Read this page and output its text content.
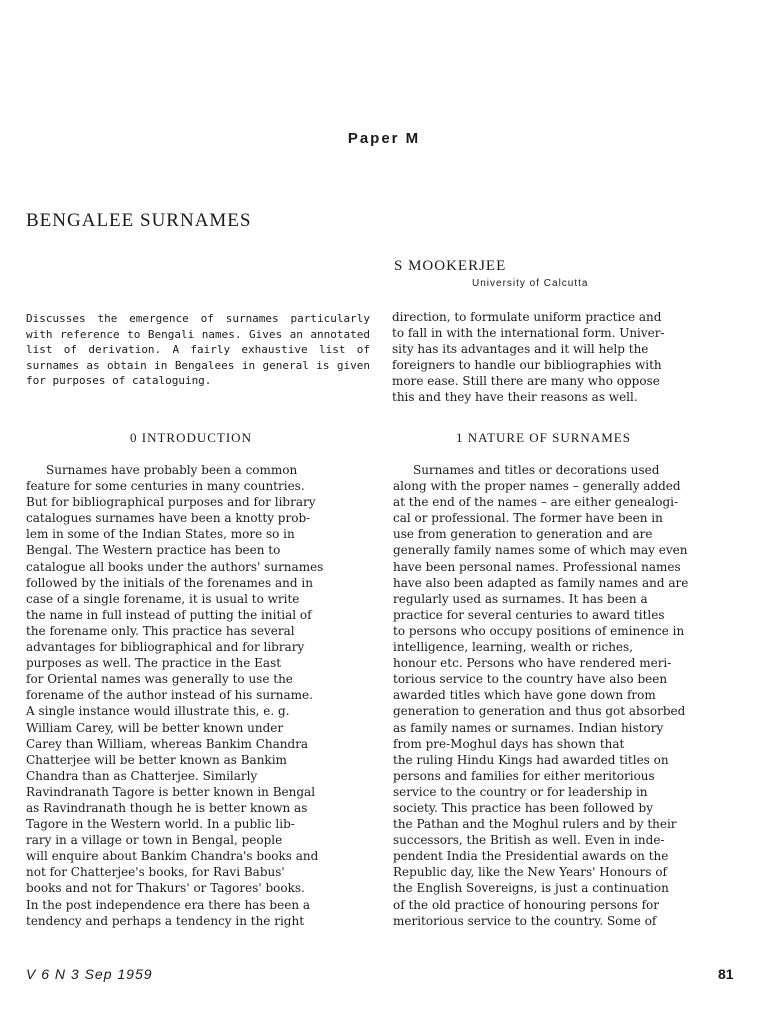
Paper M
BENGALEE SURNAMES
S MOOKERJEE
University of Calcutta
Discusses the emergence of surnames particularly with reference to Bengali names. Gives an annotated list of derivation. A fairly exhaustive list of surnames as obtain in Bengalees in general is given for purposes of cataloguing.
direction, to formulate uniform practice and
to fall in with the international form. Univer-
sity has its advantages and it will help the
foreigners to handle our bibliographies with
more ease. Still there are many who oppose
this and they have their reasons as well.
0 INTRODUCTION	1 NATURE OF SURNAMES
Surnames have probably been a common
feature for some centuries in many countries.
But for bibliographical purposes and for library
catalogues surnames have been a knotty prob-
lem in some of the Indian States, more so in
Bengal. The Western practice has been to
catalogue all books under the authors' surnames
followed by the initials of the forenames and in
case of a single forename, it is usual to write
the name in full instead of putting the initial of
the forename only. This practice has several
advantages for bibliographical and for library
purposes as well. The practice in the East
for Oriental names was generally to use the
forename of the author instead of his surname.
A single instance would illustrate this, e. g.
William Carey, will be better known under
Carey than William, whereas Bankim Chandra
Chatterjee will be better known as Bankim
Chandra than as Chatterjee. Similarly
Ravindranath Tagore is better known in Bengal
as Ravindranath though he is better known as
Tagore in the Western world. In a public lib-
rary in a village or town in Bengal, people
will enquire about Bankim Chandra's books and
not for Chatterjee's books, for Ravi Babus'
books and not for Thakurs' or Tagores' books.
In the post independence era there has been a
tendency and perhaps a tendency in the right
Surnames and titles or decorations used
along with the proper names – generally added
at the end of the names – are either genealogi-
cal or professional. The former have been in
use from generation to generation and are
generally family names some of which may even
have been personal names. Professional names
have also been adapted as family names and are
regularly used as surnames. It has been a
practice for several centuries to award titles
to persons who occupy positions of eminence in
intelligence, learning, wealth or riches,
honour etc. Persons who have rendered meri-
torious service to the country have also been
awarded titles which have gone down from
generation to generation and thus got absorbed
as family names or surnames. Indian history
from pre-Moghul days has shown that
the ruling Hindu Kings had awarded titles on
persons and families for either meritorious
service to the country or for leadership in
society. This practice has been followed by
the Pathan and the Moghul rulers and by their
successors, the British as well. Even in inde-
pendent India the Presidential awards on the
Republic day, like the New Years' Honours of
the English Sovereigns, is just a continuation
of the old practice of honouring persons for
meritorious service to the country. Some of
V 6 N 3 Sep 1959	81
